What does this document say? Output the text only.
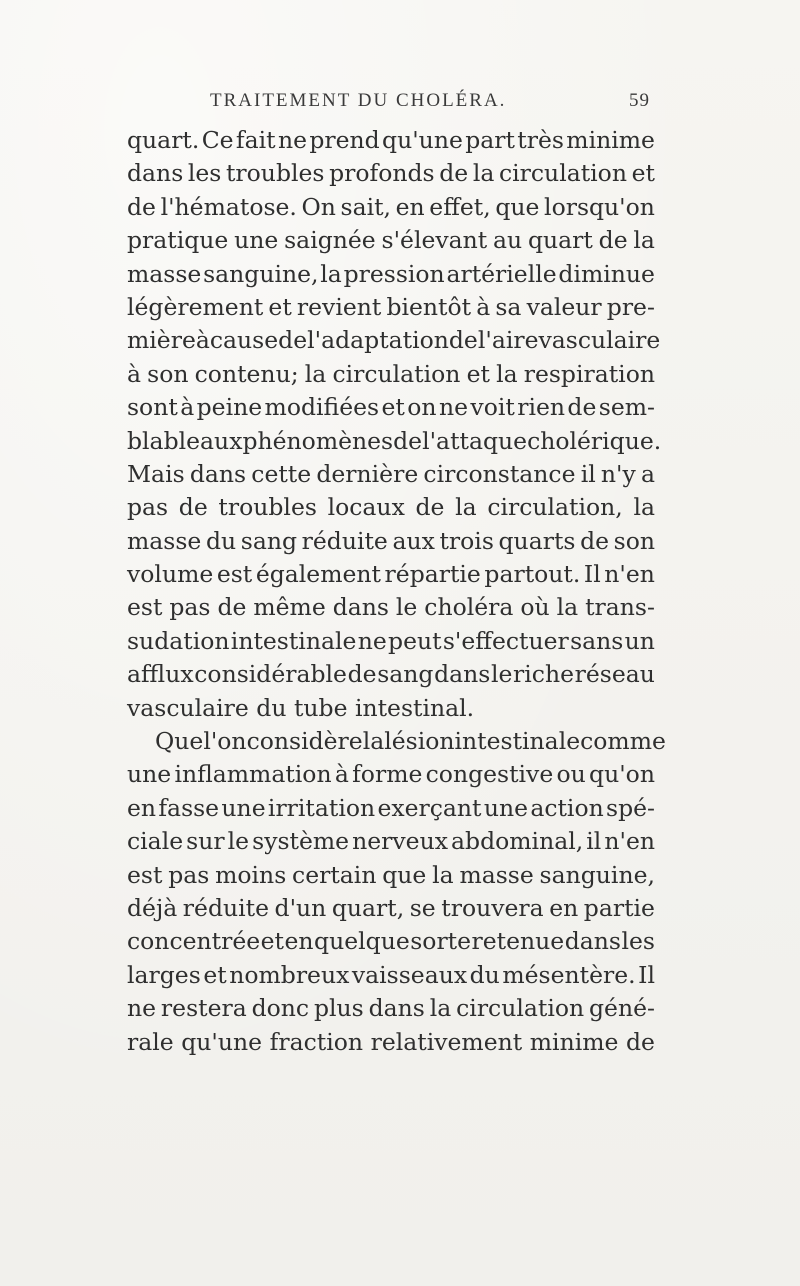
TRAITEMENT DU CHOLÉRA.	59
quart. Ce fait ne prend qu'une part très minime
dans les troubles profonds de la circulation et
de l'hématose. On sait, en effet, que lorsqu'on
pratique une saignée s'élevant au quart de la
masse sanguine, la pression artérielle diminue
légèrement et revient bientôt à sa valeur pre-
mière à cause de l'adaptation de l'aire vasculaire
à son contenu; la circulation et la respiration
sont à peine modifiées et on ne voit rien de sem-
blable aux phénomènes de l'attaque cholérique.
Mais dans cette dernière circonstance il n'y a
pas de troubles locaux de la circulation, la
masse du sang réduite aux trois quarts de son
volume est également répartie partout. Il n'en
est pas de même dans le choléra où la trans-
sudation intestinale ne peut s'effectuer sans un
afflux considérable de sang dans le riche réseau
vasculaire du tube intestinal.
Que l'on considère la lésion intestinale comme
une inflammation à forme congestive ou qu'on
en fasse une irritation exerçant une action spé-
ciale sur le système nerveux abdominal, il n'en
est pas moins certain que la masse sanguine,
déjà réduite d'un quart, se trouvera en partie
concentrée et en quelque sorte retenue dans les
larges et nombreux vaisseaux du mésentère. Il
ne restera donc plus dans la circulation géné-
rale qu'une fraction relativement minime de
